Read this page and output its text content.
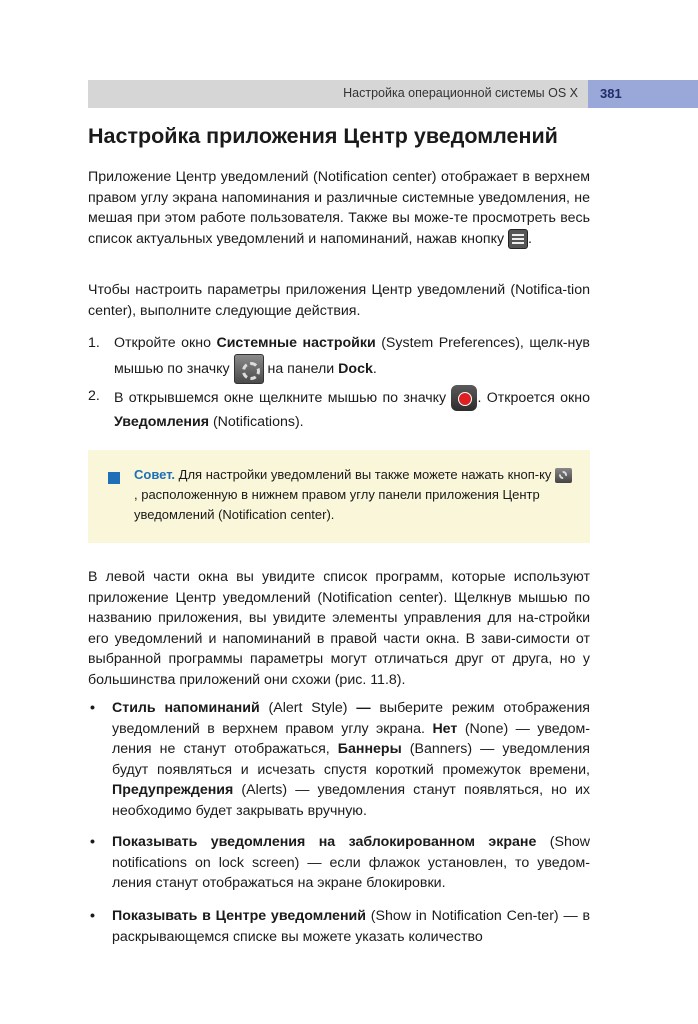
Настройка операционной системы OS X 381
Настройка приложения Центр уведомлений

Приложение Центр уведомлений (Notification center) отображает в верхнем правом углу экрана напоминания и различные системные уведомления, не мешая при этом работе пользователя. Также вы може-те просмотреть весь список актуальных уведомлений и напоминаний, нажав кнопку .

Чтобы настроить параметры приложения Центр уведомлений (Notifica-tion center), выполните следующие действия.

1. Откройте окно Системные настройки (System Preferences), щелк-нув мышью по значку	на панели Dock.
2. В открывшемся окне щелкните мышью по значку . Откроется окно Уведомления (Notifications).
Совет. Для настройки уведомлений вы также можете нажать кноп-ку , расположенную в нижнем правом углу панели приложения Центр уведомлений (Notification center).

В левой части окна вы увидите список программ, которые используют приложение Центр уведомлений (Notification center). Щелкнув мышью по названию приложения, вы увидите элементы управления для на-стройки его уведомлений и напоминаний в правой части окна. В зави-симости от выбранной программы параметры могут отличаться друг от друга, но у большинства приложений они схожи (рис. 11.8).

• Стиль напоминаний (Alert Style) — выберите режим отображения уведомлений в верхнем правом углу экрана. Нет (None) — уведом-ления не станут отображаться, Баннеры (Banners) — уведомления будут появляться и исчезать спустя короткий промежуток времени, Предупреждения (Alerts) — уведомления станут появляться, но их необходимо будет закрывать вручную.
• Показывать уведомления на заблокированном экране (Show notifications on lock screen) — если флажок установлен, то уведом-ления станут отображаться на экране блокировки.
• Показывать в Центре уведомлений (Show in Notification Cen-ter) — в раскрывающемся списке вы можете указать количество
